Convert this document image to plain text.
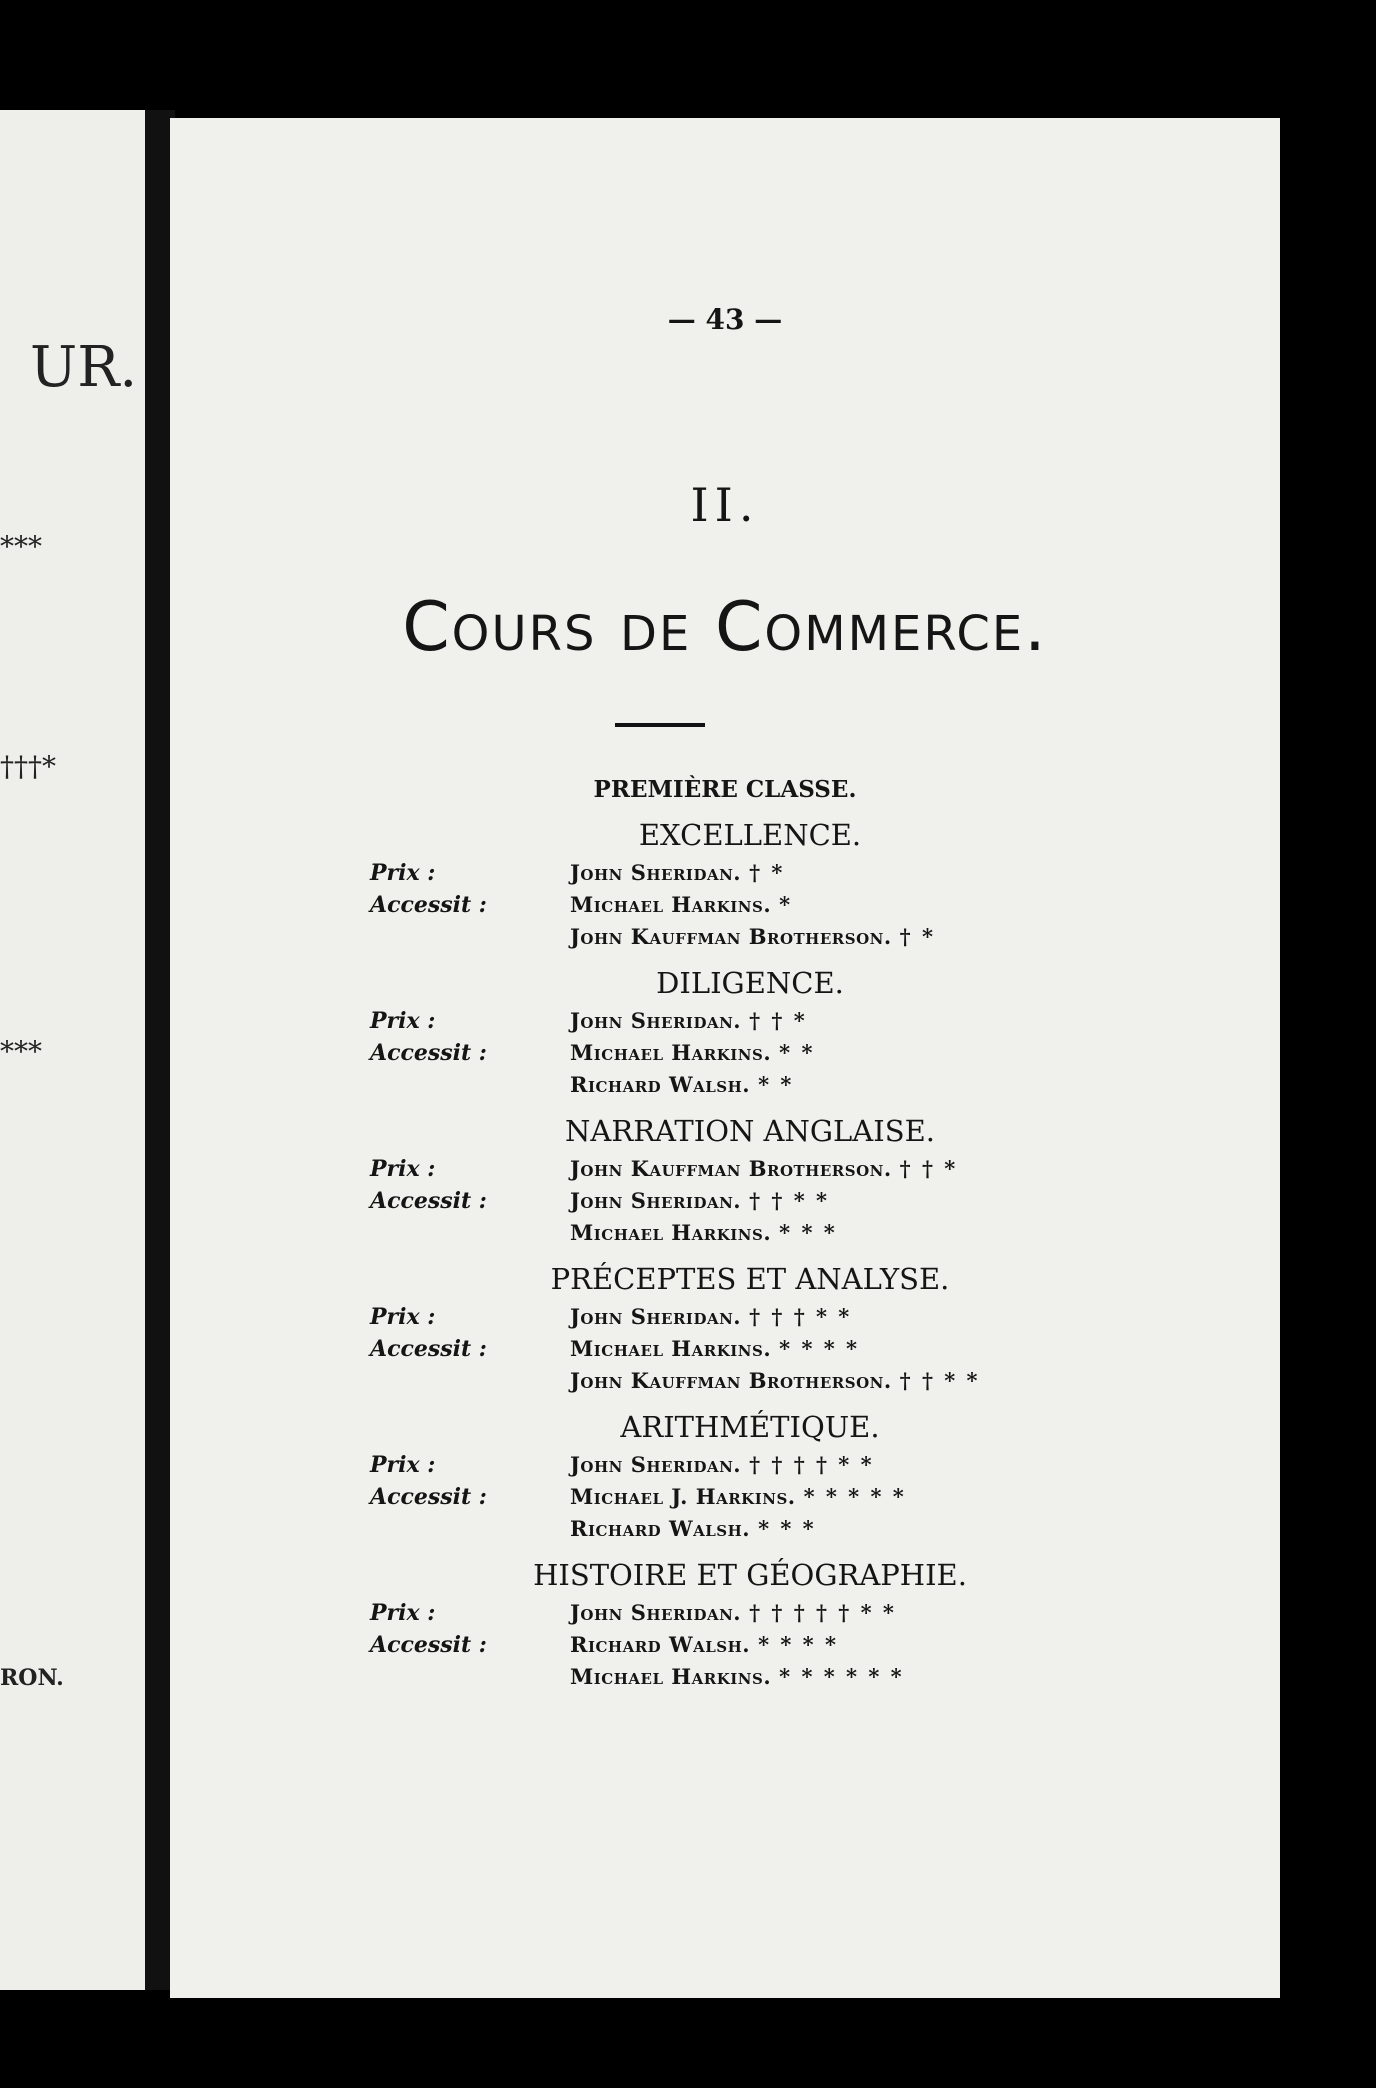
UR.
***
†††*
***
RON.
— 43 —
II.
Cours de Commerce.
PREMIÈRE CLASSE.
EXCELLENCE.
Prix :	John Sheridan. † *
Accessit :	Michael Harkins. *
John Kauffman Brotherson. † *
DILIGENCE.
Prix :	John Sheridan. † † *
Accessit :	Michael Harkins. * *
Richard Walsh. * *
NARRATION ANGLAISE.
Prix :	John Kauffman Brotherson. † † *
Accessit :	John Sheridan. † † * *
Michael Harkins. * * *
PRÉCEPTES ET ANALYSE.
Prix :	John Sheridan. † † † * *
Accessit :	Michael Harkins. * * * *
John Kauffman Brotherson. † † * *
ARITHMÉTIQUE.
Prix :	John Sheridan. † † † † * *
Accessit :	Michael J. Harkins. * * * * *
Richard Walsh. * * *
HISTOIRE ET GÉOGRAPHIE.
Prix :	John Sheridan. † † † † † * *
Accessit :	Richard Walsh. * * * *
Michael Harkins. * * * * * *
